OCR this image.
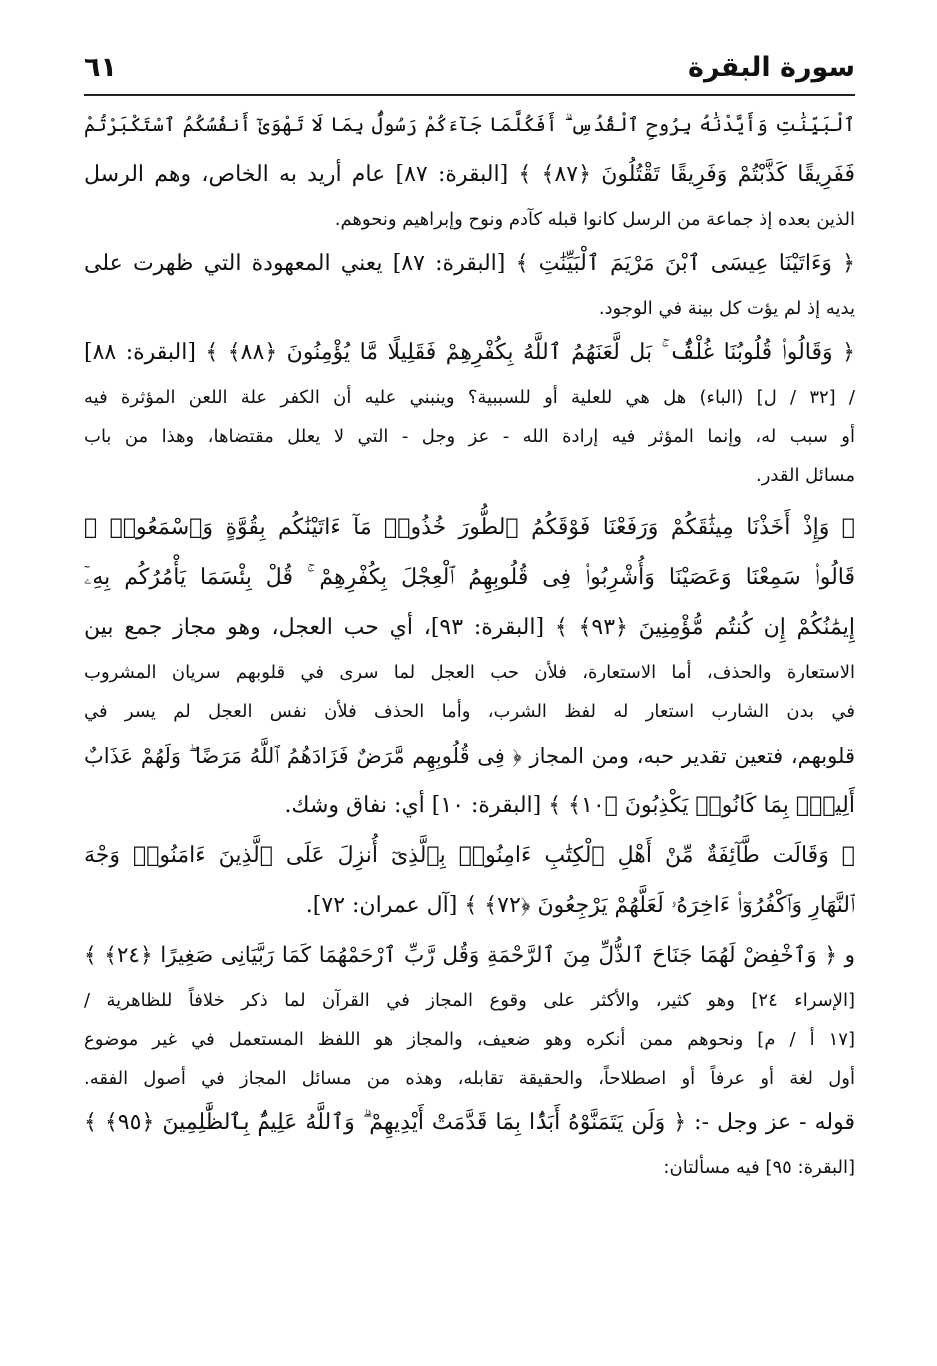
سورة البقرة
٦١
ٱلْبَيِّنَٰتِ وَأَيَّدْنَٰهُ بِرُوحِ ٱلْقُدُسِ ۗ أَفَكُلَّمَا جَآءَكُمْ رَسُولٌۢ بِمَا لَا تَهْوَىٰٓ أَنفُسُكُمُ ٱسْتَكْبَرْتُمْ
فَفَرِيقًا كَذَّبْتُمْ وَفَرِيقًا تَقْتُلُونَ ﴿٨٧﴾ ﴾ [البقرة: ٨٧] عام أريد به الخاص، وهم الرسل
الذين بعده إذ جماعة من الرسل كانوا قبله كآدم ونوح وإبراهيم ونحوهم.
﴿ وَءَاتَيْنَا عِيسَى ٱبْنَ مَرْيَمَ ٱلْبَيِّنَٰتِ ﴾ [البقرة: ٨٧] يعني المعهودة التي ظهرت على
يديه إذ لم يؤت كل بينة في الوجود.
﴿ وَقَالُوا۟ قُلُوبُنَا غُلْفٌۢ ۚ بَل لَّعَنَهُمُ ٱللَّهُ بِكُفْرِهِمْ فَقَلِيلًا مَّا يُؤْمِنُونَ ﴿٨٨﴾ ﴾ [البقرة: ٨٨]
/ [٣٢ / ل] (الباء) هل هي للعلية أو للسببية؟ وينبني عليه أن الكفر علة اللعن المؤثرة فيه
أو سبب له، وإنما المؤثر فيه إرادة الله - عز وجل - التي لا يعلل مقتضاها، وهذا من باب
مسائل القدر.
﴿ وَإِذْ أَخَذْنَا مِيثَٰقَكُمْ وَرَفَعْنَا فَوْقَكُمُ ٱلطُّورَ خُذُوا۟ مَآ ءَاتَيْنَٰكُم بِقُوَّةٍ وَٱسْمَعُوا۟ ۖ
قَالُوا۟ سَمِعْنَا وَعَصَيْنَا وَأُشْرِبُوا۟ فِى قُلُوبِهِمُ ٱلْعِجْلَ بِكُفْرِهِمْ ۚ قُلْ بِئْسَمَا يَأْمُرُكُم بِهِۦٓ
إِيمَٰنُكُمْ إِن كُنتُم مُّؤْمِنِينَ ﴿٩٣﴾ ﴾ [البقرة: ٩٣]، أي حب العجل، وهو مجاز جمع بين
الاستعارة والحذف، أما الاستعارة، فلأن حب العجل لما سرى في قلوبهم سريان المشروب
في بدن الشارب استعار له لفظ الشرب، وأما الحذف فلأن نفس العجل لم يسر في
قلوبهم، فتعين تقدير حبه، ومن المجاز ﴿ فِى قُلُوبِهِم مَّرَضٌ فَزَادَهُمُ ٱللَّهُ مَرَضًا ۖ وَلَهُمْ عَذَابٌ
أَلِيمٌۢ بِمَا كَانُوا۟ يَكْذِبُونَ ﴿١٠﴾ ﴾ [البقرة: ١٠] أي: نفاق وشك.
﴿ وَقَالَت طَّآئِفَةٌ مِّنْ أَهْلِ ٱلْكِتَٰبِ ءَامِنُوا۟ بِٱلَّذِىٓ أُنزِلَ عَلَى ٱلَّذِينَ ءَامَنُوا۟ وَجْهَ
ٱلنَّهَارِ وَٱكْفُرُوٓا۟ ءَاخِرَهُۥ لَعَلَّهُمْ يَرْجِعُونَ ﴿٧٢﴾ ﴾ [آل عمران: ٧٢].
و ﴿ وَٱخْفِضْ لَهُمَا جَنَاحَ ٱلذُّلِّ مِنَ ٱلرَّحْمَةِ وَقُل رَّبِّ ٱرْحَمْهُمَا كَمَا رَبَّيَانِى صَغِيرًا ﴿٢٤﴾ ﴾
[الإسراء ٢٤] وهو كثير، والأكثر على وقوع المجاز في القرآن لما ذكر خلافاً للظاهرية /
[١٧ أ / م] ونحوهم ممن أنكره وهو ضعيف، والمجاز هو اللفظ المستعمل في غير موضوع
أول لغة أو عرفاً أو اصطلاحاً، والحقيقة تقابله، وهذه من مسائل المجاز في أصول الفقه.
قوله - عز وجل -: ﴿ وَلَن يَتَمَنَّوْهُ أَبَدًۢا بِمَا قَدَّمَتْ أَيْدِيهِمْ ۗ وَٱللَّهُ عَلِيمٌۢ بِٱلظَّٰلِمِينَ ﴿٩٥﴾ ﴾
[البقرة: ٩٥] فيه مسألتان:
